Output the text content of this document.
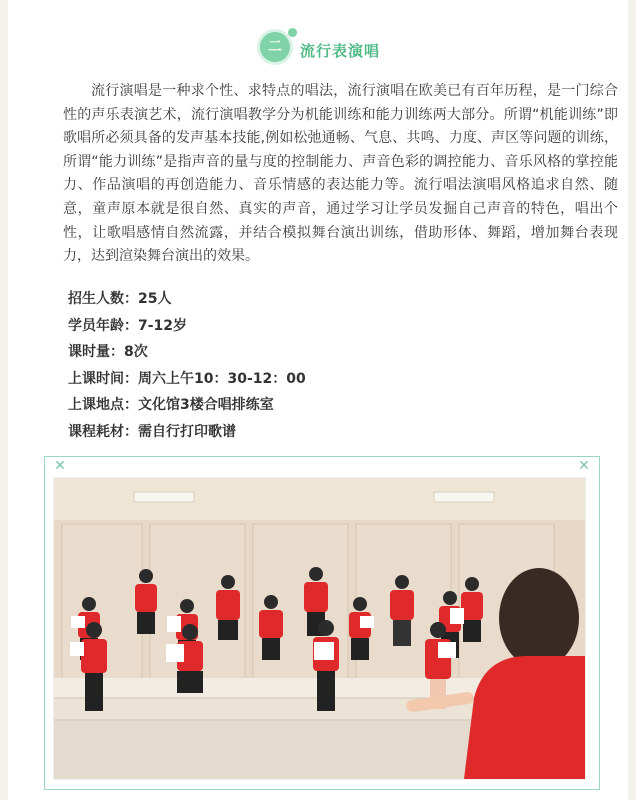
二	流行表演唱

流行演唱是一种求个性、求特点的唱法，流行演唱在欧美已有百年历程，是一门综合性的声乐表演艺术，流行演唱教学分为机能训练和能力训练两大部分。所谓“机能训练”即歌唱所必须具备的发声基本技能,例如松弛通畅、气息、共鸣、力度、声区等问题的训练，所谓“能力训练”是指声音的量与度的控制能力、声音色彩的调控能力、音乐风格的掌控能力、作品演唱的再创造能力、音乐情感的表达能力等。流行唱法演唱风格追求自然、随意，童声原本就是很自然、真实的声音，通过学习让学员发掘自己声音的特色，唱出个性，让歌唱感情自然流露，并结合模拟舞台演出训练，借助形体、舞蹈，增加舞台表现力，达到渲染舞台演出的效果。

招生人数：25人
学员年龄：7-12岁
课时量：8次
上课时间：周六上午10：30-12：00
上课地点：文化馆3楼合唱排练室
课程耗材：需自行打印歌谱
✕	✕
